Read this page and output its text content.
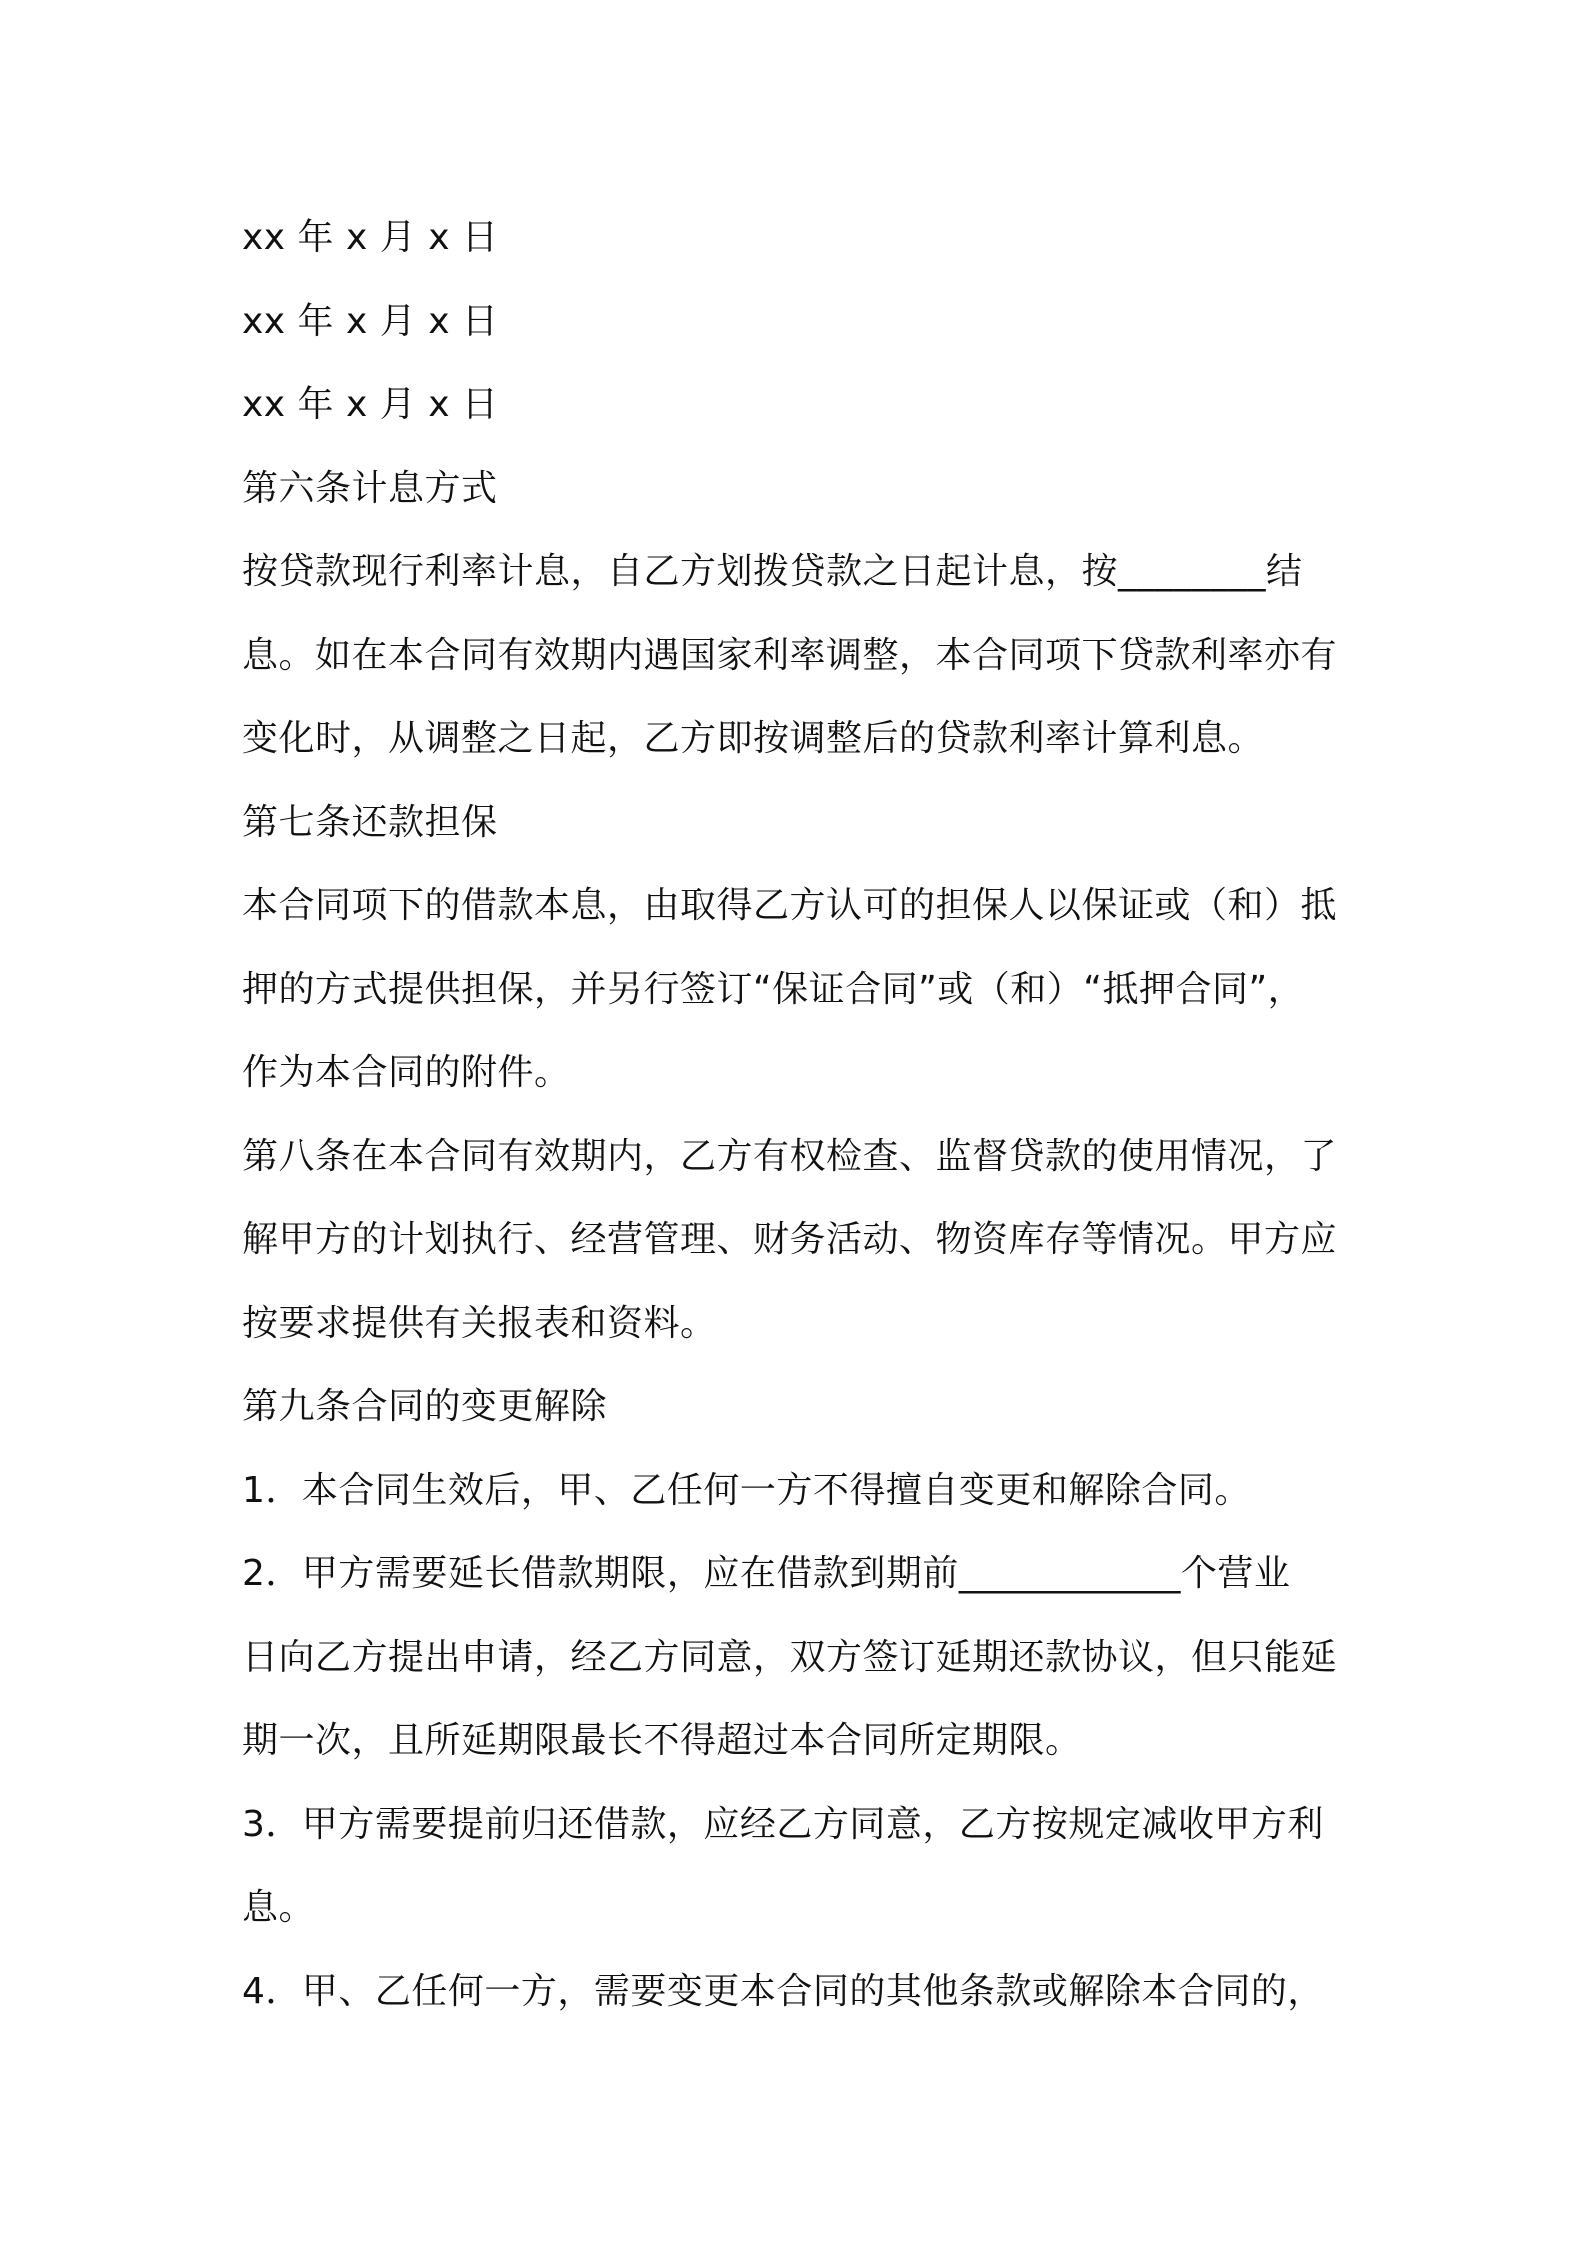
xx 年 x 月 x 日
xx 年 x 月 x 日
xx 年 x 月 x 日
第六条计息方式
按贷款现行利率计息，自乙方划拨贷款之日起计息，按________结
息。如在本合同有效期内遇国家利率调整，本合同项下贷款利率亦有
变化时，从调整之日起，乙方即按调整后的贷款利率计算利息。
第七条还款担保
本合同项下的借款本息，由取得乙方认可的担保人以保证或（和）抵
押的方式提供担保，并另行签订“保证合同”或（和）“抵押合同”，
作为本合同的附件。
第八条在本合同有效期内，乙方有权检查、监督贷款的使用情况，了
解甲方的计划执行、经营管理、财务活动、物资库存等情况。甲方应
按要求提供有关报表和资料。
第九条合同的变更解除
1．本合同生效后，甲、乙任何一方不得擅自变更和解除合同。
2．甲方需要延长借款期限，应在借款到期前____________个营业
日向乙方提出申请，经乙方同意，双方签订延期还款协议，但只能延
期一次，且所延期限最长不得超过本合同所定期限。
3．甲方需要提前归还借款，应经乙方同意，乙方按规定减收甲方利
息。
4．甲、乙任何一方，需要变更本合同的其他条款或解除本合同的，
